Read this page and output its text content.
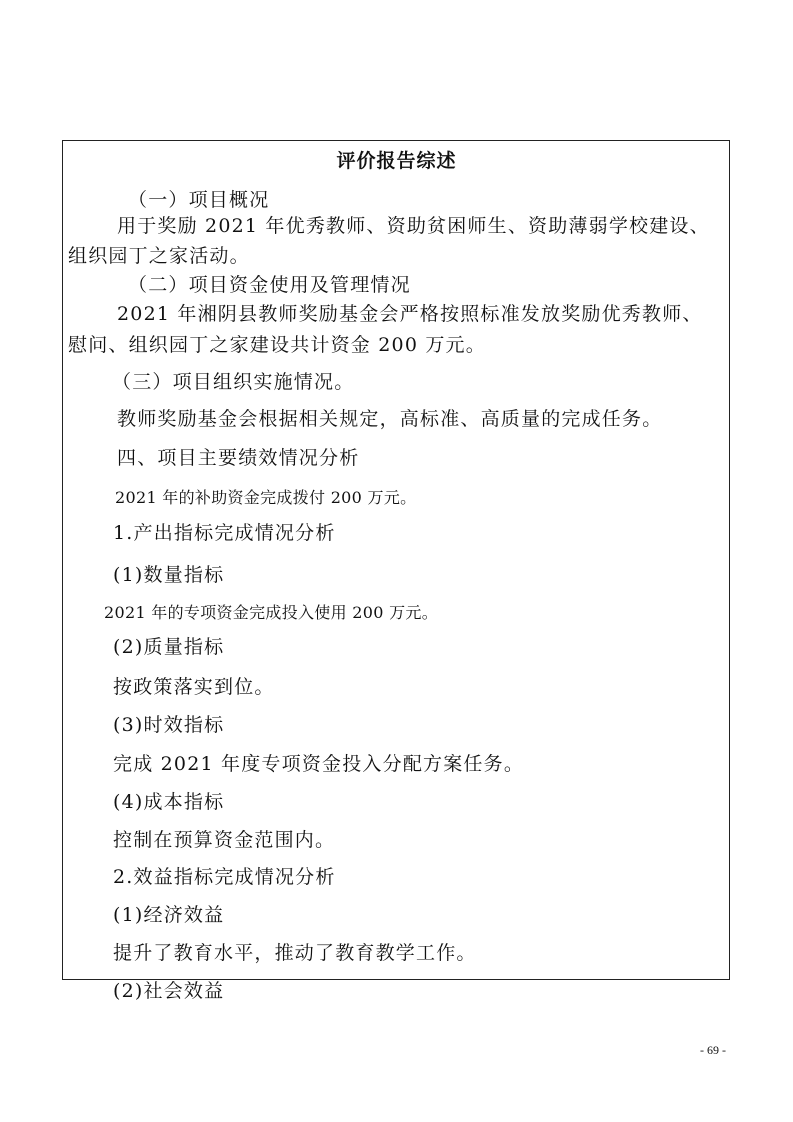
评价报告综述
（一）项目概况
用于奖励 2021 年优秀教师、资助贫困师生、资助薄弱学校建设、
组织园丁之家活动。
（二）项目资金使用及管理情况
2021 年湘阴县教师奖励基金会严格按照标准发放奖励优秀教师、
慰问、组织园丁之家建设共计资金 200 万元。
（三）项目组织实施情况。
教师奖励基金会根据相关规定，高标准、高质量的完成任务。
四、项目主要绩效情况分析
2021 年的补助资金完成拨付 200 万元。
1.产出指标完成情况分析
(1)数量指标
2021 年的专项资金完成投入使用 200 万元。
(2)质量指标
按政策落实到位。
(3)时效指标
完成 2021 年度专项资金投入分配方案任务。
(4)成本指标
控制在预算资金范围内。
2.效益指标完成情况分析
(1)经济效益
提升了教育水平，推动了教育教学工作。
(2)社会效益
- 69 -
